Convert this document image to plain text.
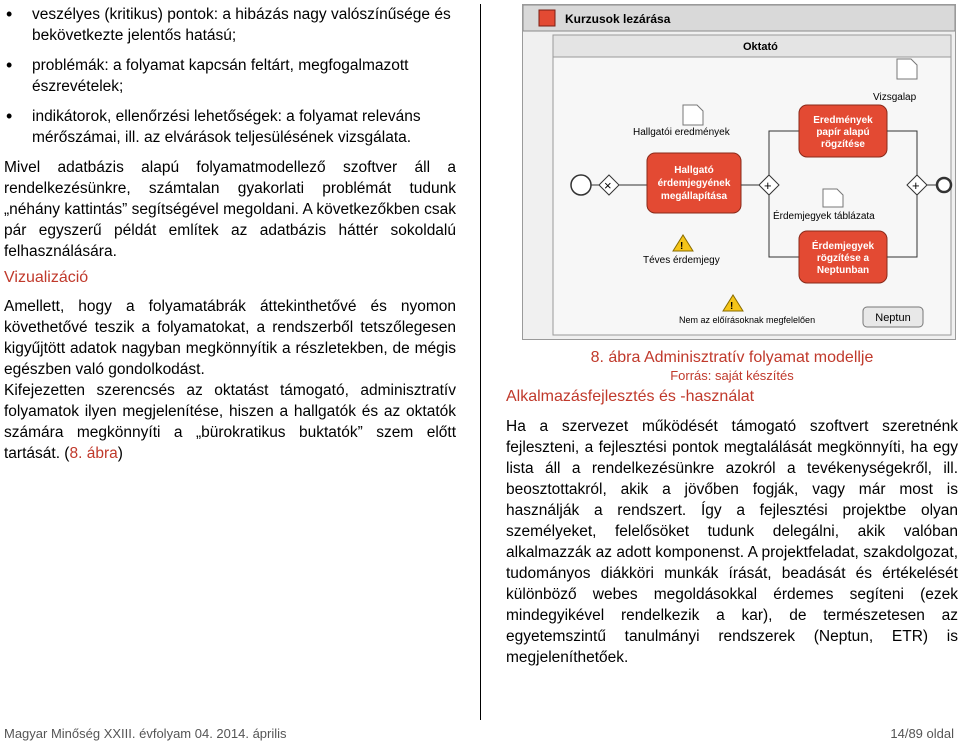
• veszélyes (kritikus) pontok: a hibázás nagy valószínűsége és bekövetkezte jelentős hatású;
• problémák: a folyamat kapcsán feltárt, megfogalmazott észrevételek;
• indikátorok, ellenőrzési lehetőségek: a folyamat releváns mérőszámai, ill. az elvárások teljesülésének vizsgálata.

Mivel adatbázis alapú folyamatmodellező szoftver áll a rendelkezésünkre, számtalan gyakorlati problémát tudunk „néhány kattintás” segítségével megoldani. A következőkben csak pár egyszerű példát említek az adatbázis háttér sokoldalú felhasználására.

Vizualizáció

Amellett, hogy a folyamatábrák áttekinthetővé és nyomon követhetővé teszik a folyamatokat, a rendszerből tetszőlegesen kigyűjtött adatok nagyban megkönnyítik a részletekben, de mégis egészben való gondolkodást.

Kifejezetten szerencsés az oktatást támogató, adminisztratív folyamatok ilyen megjelenítése, hiszen a hallgatók és az oktatók számára megkönnyíti a „bürokratikus buktatók” szem előtt tartását. (8. ábra)

Kurzusok lezárása
Oktató
Vizsgalap
Hallgatói eredmények
×
Hallgató érdemjegyének megállapítása
+
Eredmények papír alapú rögzítése
Érdemjegyek rögzítése a Neptunban
Érdemjegyek táblázata
+
!
Téves érdemjegy
!
Nem az előírásoknak megfelelően	Neptun
8. ábra Adminisztratív folyamat modellje
Forrás: saját készítés
Alkalmazásfejlesztés és -használat

Ha a szervezet működését támogató szoftvert szeretnénk fejleszteni, a fejlesztési pontok megtalálását megkönnyíti, ha egy lista áll a rendelkezésünkre azokról a tevékenységekről, ill. beosztottakról, akik a jövőben fogják, vagy már most is használják a rendszert. Így a fejlesztési projektbe olyan személyeket, felelősöket tudunk delegálni, akik valóban alkalmazzák az adott komponenst. A projektfeladat, szakdolgozat, tudományos diákköri munkák írását, beadását és értékelését különböző webes megoldásokkal érdemes segíteni (ezek mindegyikével rendelkezik a kar), de természetesen az egyetemszintű tanulmányi rendszerek (Neptun, ETR) is megjeleníthetőek.

Magyar Minőség XXIII. évfolyam 04. 2014. április	14/89 oldal
